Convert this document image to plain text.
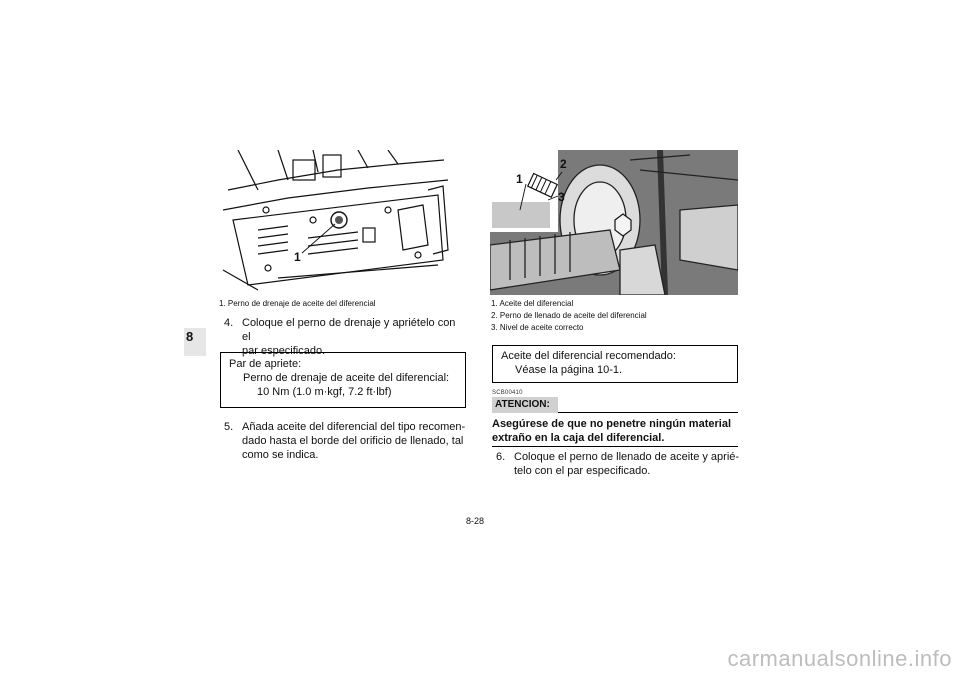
8
1
1. Perno de drenaje de aceite del diferencial
4. Coloque el perno de drenaje y apriételo con el
par especificado.
Par de apriete:
Perno de drenaje de aceite del diferencial:
10 Nm (1.0 m·kgf, 7.2 ft·lbf)
5. Añada aceite del diferencial del tipo recomen-
dado hasta el borde del orificio de llenado, tal
como se indica.
1
2
3
1. Aceite del diferencial
2. Perno de llenado de aceite del diferencial
3. Nivel de aceite correcto
Aceite del diferencial recomendado:
Véase la página 10-1.
SCB00410
ATENCION:
Asegúrese de que no penetre ningún material
extraño en la caja del diferencial.
6. Coloque el perno de llenado de aceite y aprié-
telo con el par especificado.
8-28
carmanualsonline.info
